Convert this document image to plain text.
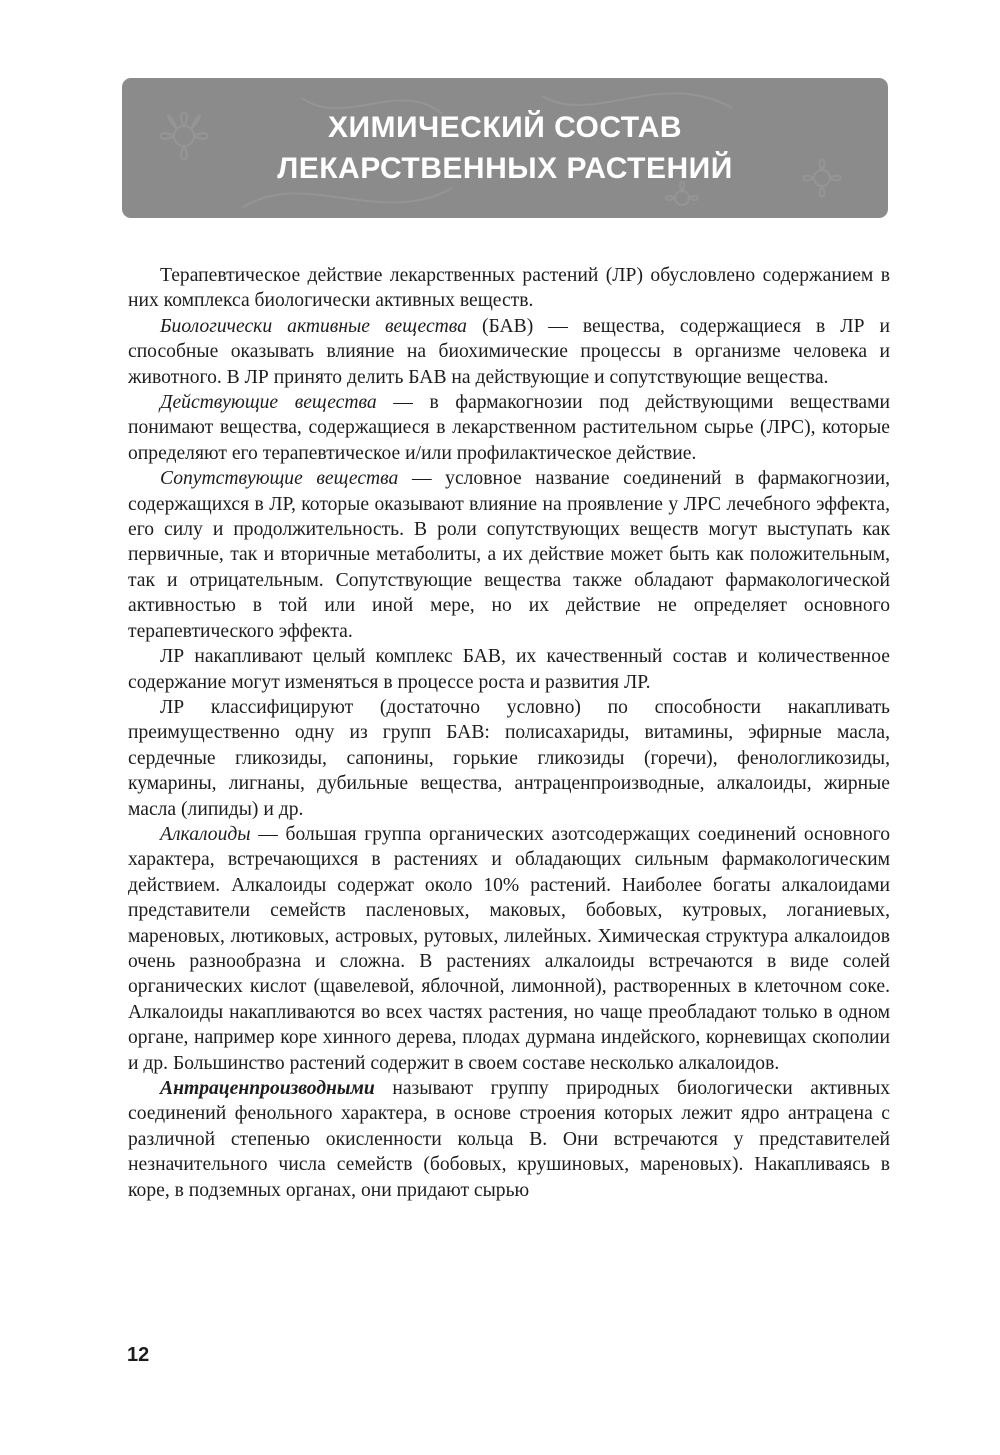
ХИМИЧЕСКИЙ СОСТАВ
ЛЕКАРСТВЕННЫХ РАСТЕНИЙ

Терапевтическое действие лекарственных растений (ЛР) обусловлено содержанием в них комплекса биологически активных веществ.

Биологически активные вещества (БАВ) — вещества, содержащиеся в ЛР и способные оказывать влияние на биохимические процессы в организме человека и животного. В ЛР принято делить БАВ на действующие и сопутствующие вещества.

Действующие вещества — в фармакогнозии под действующими веществами понимают вещества, содержащиеся в лекарственном растительном сырье (ЛРС), которые определяют его терапевтическое и/или профилактическое действие.

Сопутствующие вещества — условное название соединений в фармакогнозии, содержащихся в ЛР, которые оказывают влияние на проявление у ЛРС лечебного эффекта, его силу и продолжительность. В роли сопутствующих веществ могут выступать как первичные, так и вторичные метаболиты, а их действие может быть как положительным, так и отрицательным. Сопутствующие вещества также обладают фармакологической активностью в той или иной мере, но их действие не определяет основного терапевтического эффекта.

ЛР накапливают целый комплекс БАВ, их качественный состав и количественное содержание могут изменяться в процессе роста и развития ЛР.

ЛР классифицируют (достаточно условно) по способности накапливать преимущественно одну из групп БАВ: полисахариды, витамины, эфирные масла, сердечные гликозиды, сапонины, горькие гликозиды (горечи), фенологликозиды, кумарины, лигнаны, дубильные вещества, антраценпроизводные, алкалоиды, жирные масла (липиды) и др.

Алкалоиды — большая группа органических азотсодержащих соединений основного характера, встречающихся в растениях и обладающих сильным фармакологическим действием. Алкалоиды содержат около 10% растений. Наиболее богаты алкалоидами представители семейств пасленовых, маковых, бобовых, кутровых, логаниевых, мареновых, лютиковых, астровых, рутовых, лилейных. Химическая структура алкалоидов очень разнообразна и сложна. В растениях алкалоиды встречаются в виде солей органических кислот (щавелевой, яблочной, лимонной), растворенных в клеточном соке. Алкалоиды накапливаются во всех частях растения, но чаще преобладают только в одном органе, например коре хинного дерева, плодах дурмана индейского, корневищах скополии и др. Большинство растений содержит в своем составе несколько алкалоидов.

Антраценпроизводными называют группу природных биологически активных соединений фенольного характера, в основе строения которых лежит ядро антрацена с различной степенью окисленности кольца В. Они встречаются у представителей незначительного числа семейств (бобовых, крушиновых, мареновых). Накапливаясь в коре, в подземных органах, они придают сырью

12
